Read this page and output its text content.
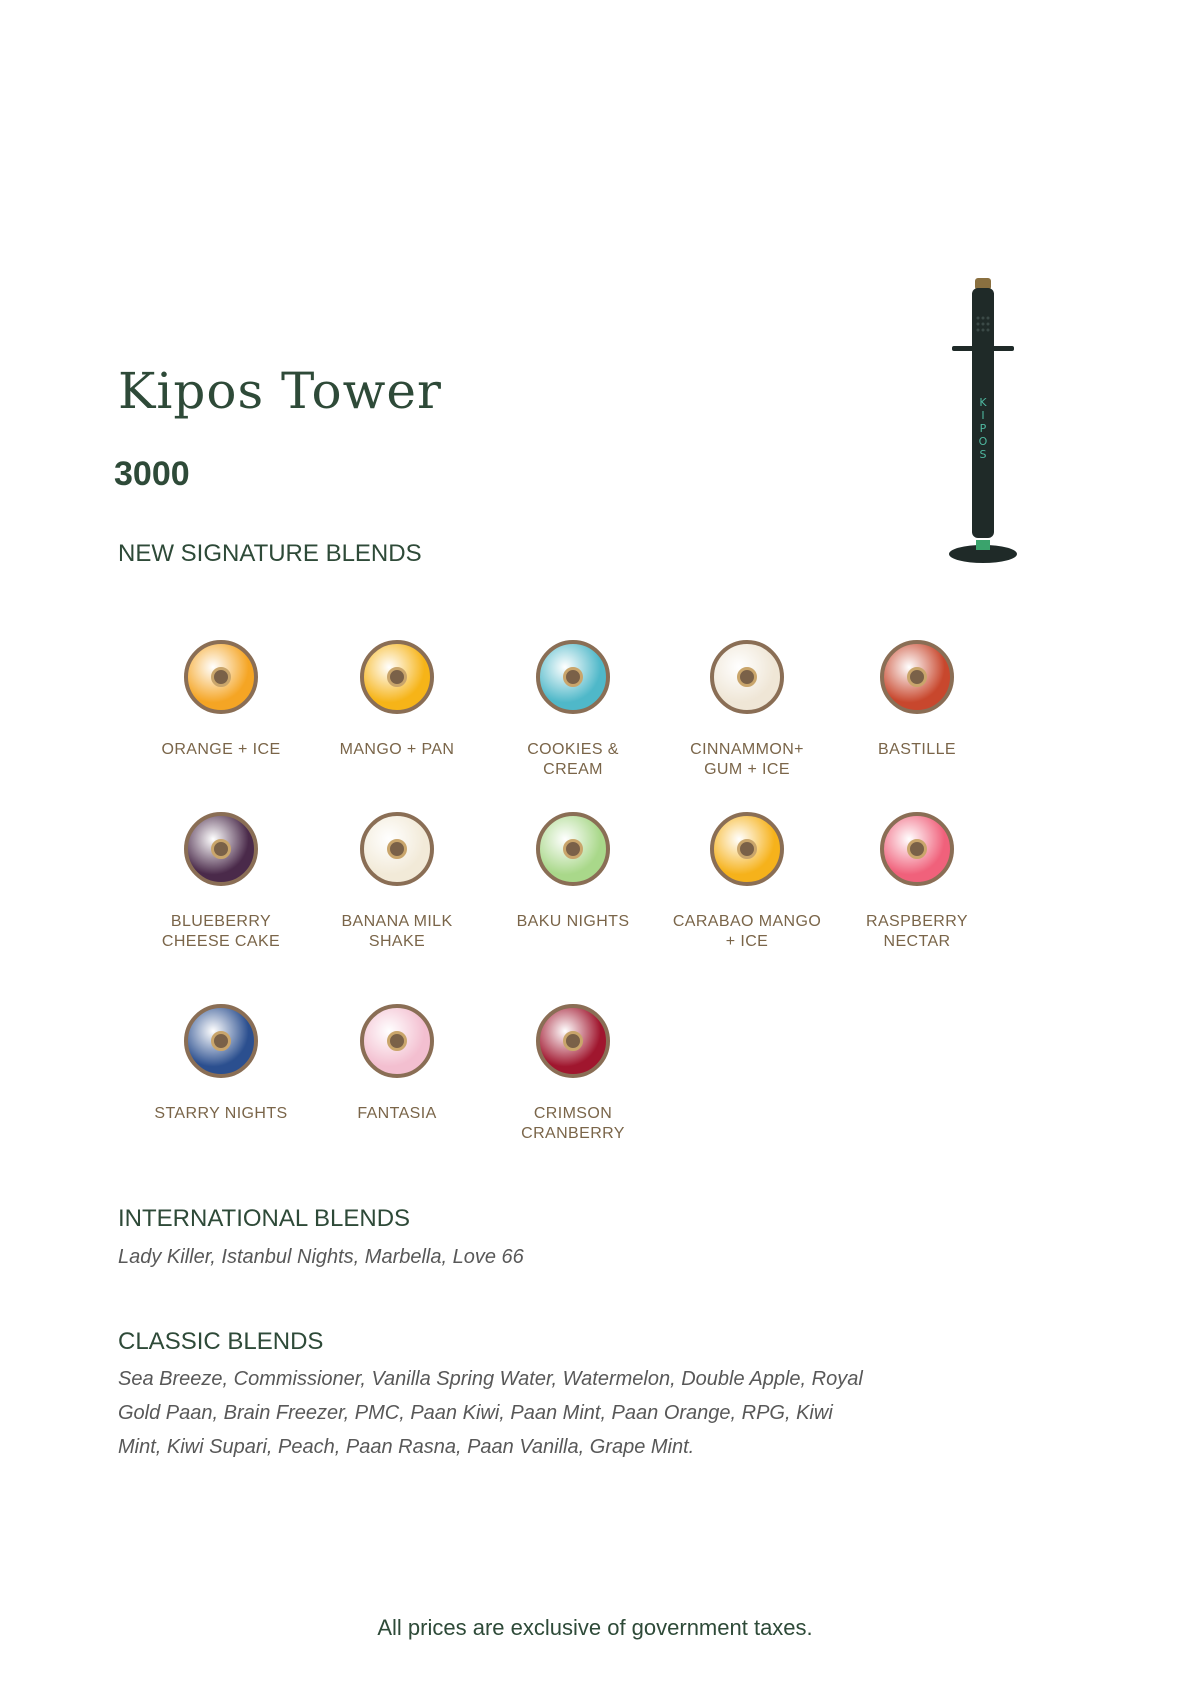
Kipos Tower
3000
K I P O S
NEW SIGNATURE BLENDS
ORANGE + ICE	MANGO + PAN	COOKIES &
CREAM
CINNAMMON+
GUM + ICE
BASTILLE
BLUEBERRY
CHEESE CAKE
BANANA MILK
SHAKE
BAKU NIGHTS	CARABAO MANGO
+ ICE
RASPBERRY
NECTAR
STARRY NIGHTS	FANTASIA	CRIMSON CRANBERRY
INTERNATIONAL BLENDS
Lady Killer, Istanbul Nights, Marbella, Love 66
CLASSIC BLENDS
Sea Breeze, Commissioner, Vanilla Spring Water, Watermelon, Double Apple, Royal Gold Paan, Brain Freezer, PMC, Paan Kiwi, Paan Mint, Paan Orange, RPG, Kiwi Mint, Kiwi Supari, Peach, Paan Rasna, Paan Vanilla, Grape Mint.
All prices are exclusive of government taxes.
